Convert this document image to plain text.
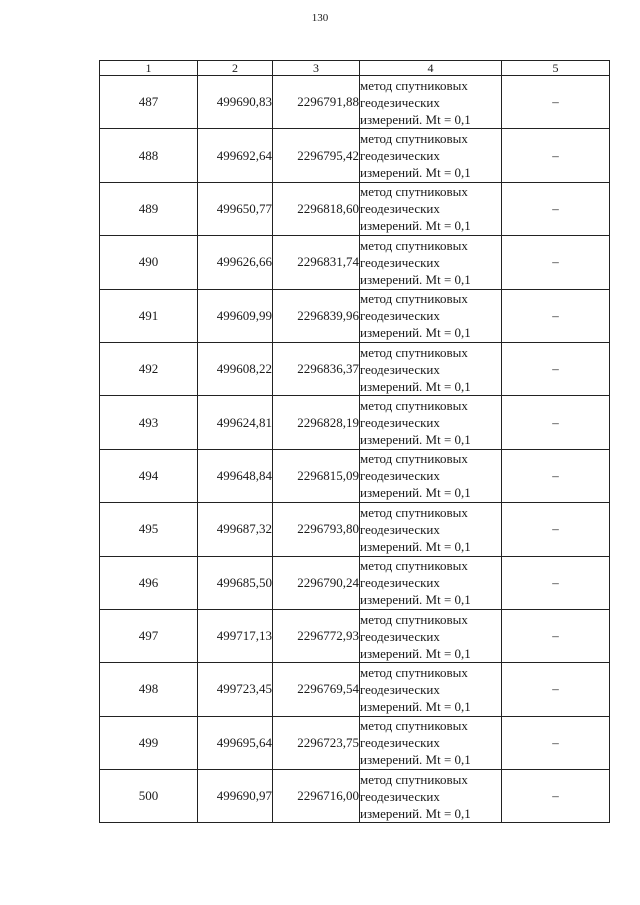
130
1	2	3	4	5
487	499690,83	2296791,88	метод спутниковых
геодезических
измерений. Mt = 0,1	–
488	499692,64	2296795,42	метод спутниковых
геодезических
измерений. Mt = 0,1	–
489	499650,77	2296818,60	метод спутниковых
геодезических
измерений. Mt = 0,1	–
490	499626,66	2296831,74	метод спутниковых
геодезических
измерений. Mt = 0,1	–
491	499609,99	2296839,96	метод спутниковых
геодезических
измерений. Mt = 0,1	–
492	499608,22	2296836,37	метод спутниковых
геодезических
измерений. Mt = 0,1	–
493	499624,81	2296828,19	метод спутниковых
геодезических
измерений. Mt = 0,1	–
494	499648,84	2296815,09	метод спутниковых
геодезических
измерений. Mt = 0,1	–
495	499687,32	2296793,80	метод спутниковых
геодезических
измерений. Mt = 0,1	–
496	499685,50	2296790,24	метод спутниковых
геодезических
измерений. Mt = 0,1	–
497	499717,13	2296772,93	метод спутниковых
геодезических
измерений. Mt = 0,1	–
498	499723,45	2296769,54	метод спутниковых
геодезических
измерений. Mt = 0,1	–
499	499695,64	2296723,75	метод спутниковых
геодезических
измерений. Mt = 0,1	–
500	499690,97	2296716,00	метод спутниковых
геодезических
измерений. Mt = 0,1	–
